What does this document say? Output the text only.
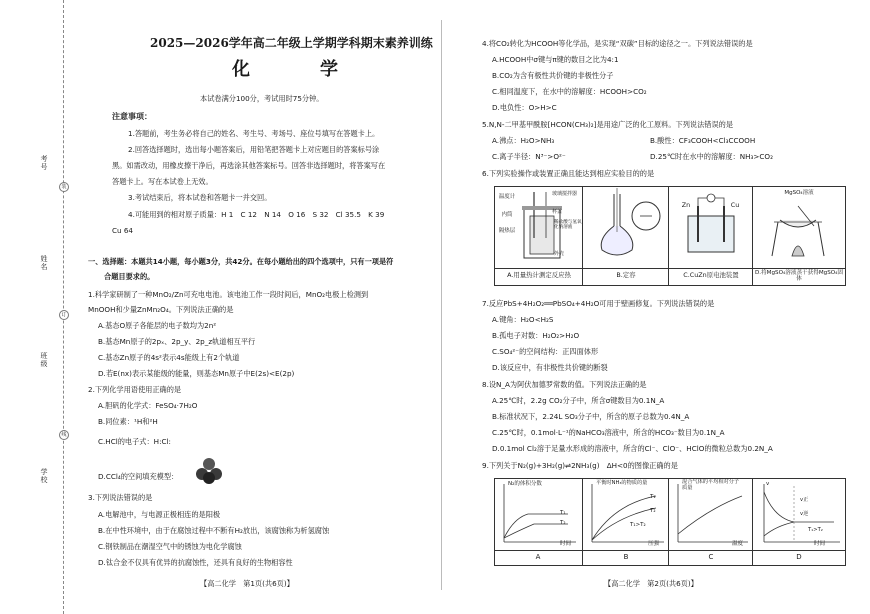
考号
姓名
班级
学校
装
订
线
2025—2026学年高二年级上学期学科期末素养训练
化　学
本试卷满分100分，考试用时75分钟。
注意事项：
1.答题前，考生务必将自己的姓名、考生号、考场号、座位号填写在答题卡上。
2.回答选择题时，选出每小题答案后，用铅笔把答题卡上对应题目的答案标号涂
黑。如需改动，用橡皮擦干净后，再选涂其他答案标号。回答非选择题时，将答案写在
答题卡上。写在本试卷上无效。
3.考试结束后，将本试卷和答题卡一并交回。
4.可能用到的相对原子质量：H 1　C 12　N 14　O 16　S 32　Cl 35.5　K 39
Cu 64
一、选择题：本题共14小题，每小题3分，共42分。在每小题给出的四个选项中，只有一项是符
合题目要求的。
1.科学家研制了一种MnO₂/Zn可充电电池。该电池工作一段时间后，MnO₂电极上检测到
MnOOH和少量ZnMn₂O₄。下列说法正确的是
A.基态O原子各能层的电子数均为2n²
B.基态Mn原子的2pₓ、2p_y、2p_z轨道相互平行
C.基态Zn原子的4s²表示4s能级上有2个轨道
D.若E(nx)表示某能级的能量，则基态Mn原子中E(2s)<E(2p)
2.下列化学用语使用正确的是
A.胆矾的化学式：FeSO₄·7H₂O
B.同位素：¹H和²H
C.HCl的电子式：H:Cl:
D.CCl₄的空间填充模型：
3.下列说法错误的是
A.电解池中，与电源正极相连的是阳极
B.在中性环境中，由于在腐蚀过程中不断有H₂放出，该腐蚀称为析氢腐蚀
C.钢铁制品在潮湿空气中的锈蚀为电化学腐蚀
D.钛合金不仅具有优异的抗腐蚀性，还具有良好的生物相容性
【高二化学　第1页(共6页)】
4.将CO₂转化为HCOOH等化学品，是实现“双碳”目标的途径之一。下列说法错误的是
A.HCOOH中σ键与π键的数目之比为4:1
B.CO₂为含有极性共价键的非极性分子
C.相同温度下，在水中的溶解度：HCOOH>CO₂
D.电负性：O>H>C
5.N,N-二甲基甲酰胺[HCON(CH₃)₂]是用途广泛的化工原料。下列说法错误的是
A.沸点：H₂O>NH₃	B.酸性：CF₃COOH<Cl₃CCOOH
C.离子半径：N³⁻>O²⁻	D.25℃时在水中的溶解度：NH₃>CO₂
6.下列实验操作或装置正确且能达到相应实验目的的是
温度计
内筒
隔热层
玻璃搅拌器
杯盖
稀盐酸与氢氧化钠溶液
外壳
Zn	Cu
MgSO₄溶液
A.用量热计测定反应热	B.定容	C.CuZn原电池装置	D.将MgSO₄溶液蒸干获得MgSO₄固体
7.反应PbS+4H₂O₂══PbSO₄+4H₂O可用于壁画修复。下列说法错误的是
A.键角：H₂O<H₂S
B.孤电子对数：H₂O₂>H₂O
C.SO₄²⁻的空间结构：正四面体形
D.该反应中，有非极性共价键的断裂
8.设N_A为阿伏加德罗常数的值。下列说法正确的是
A.25℃时，2.2g CO₂分子中，所含σ键数目为0.1N_A
B.标准状况下，2.24L SO₃分子中，所含的原子总数为0.4N_A
C.25℃时，0.1mol·L⁻¹的NaHCO₃溶液中，所含的HCO₃⁻数目为0.1N_A
D.0.1mol Cl₂溶于足量水形成的溶液中，所含的Cl⁻、ClO⁻、HClO的微粒总数为0.2N_A
9.下列关于N₂(g)+3H₂(g)⇌2NH₃(g)　ΔH<0的图像正确的是
N₂的体积分数
T₁
T₂
时间
平衡时NH₃的物质的量
T₁
T₂
T₁>T₂
压强
混合气体的平均相对分子质量
温度
v
v正
v逆
T₁>T₂
时间
A	B	C	D
【高二化学　第2页(共6页)】
